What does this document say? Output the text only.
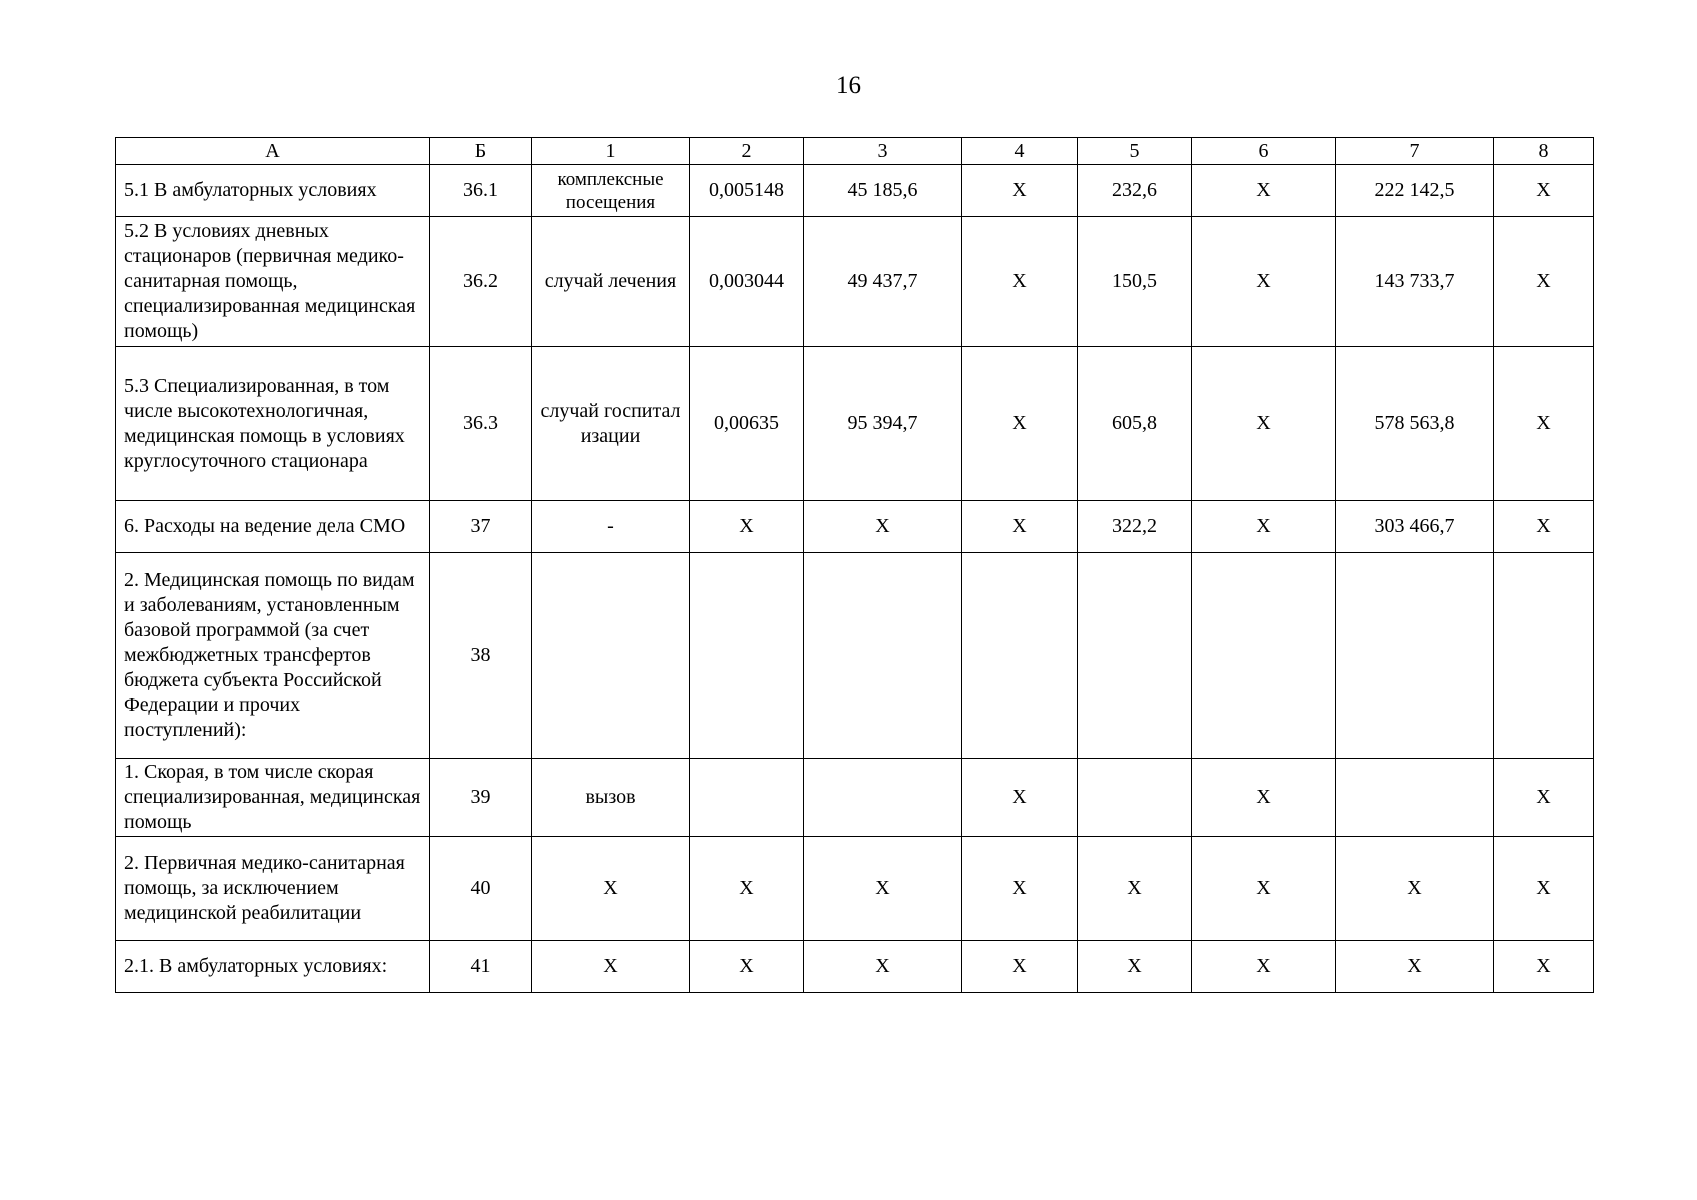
16
А	Б	1	2	3	4	5	6	7	8
5.1 В амбулаторных условиях	36.1	комплексные посещения	0,005148	45 185,6	Х	232,6	Х	222 142,5	Х
5.2 В условиях дневных стационаров (первичная медико-санитарная помощь, специализированная медицинская помощь)	36.2	случай лечения	0,003044	49 437,7	Х	150,5	Х	143 733,7	Х
5.3 Специализированная, в том числе высокотехнологичная, медицинская помощь в условиях круглосуточного стационара	36.3	случай госпитализации	0,00635	95 394,7	Х	605,8	Х	578 563,8	Х
6. Расходы на ведение дела СМО	37	-	Х	Х	Х	322,2	Х	303 466,7	Х
2. Медицинская помощь по видам и заболеваниям, установленным базовой программой (за счет межбюджетных трансфертов бюджета субъекта Российской Федерации и прочих поступлений):	38								
1. Скорая, в том числе скорая специализированная, медицинская помощь	39	вызов			Х		Х		Х
2. Первичная медико-санитарная помощь, за исключением медицинской реабилитации	40	Х	Х	Х	Х	Х	Х	Х	Х
2.1. В амбулаторных условиях:	41	Х	Х	Х	Х	Х	Х	Х	Х
